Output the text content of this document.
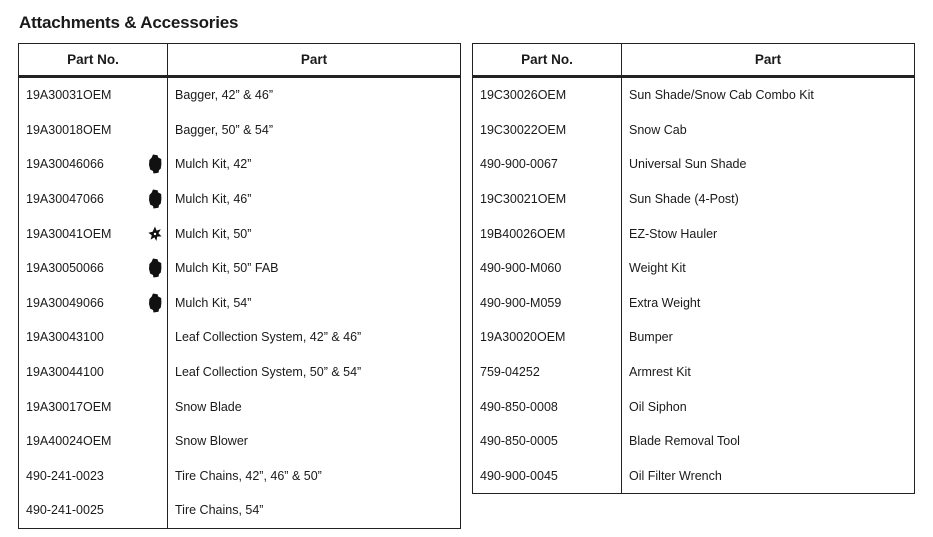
Attachments & Accessories
Part No.	Part
19A30031OEM	Bagger, 42” & 46”
19A30018OEM	Bagger, 50” & 54”
19A30046066	Mulch Kit, 42”
19A30047066	Mulch Kit, 46”
19A30041OEM	Mulch Kit, 50”
19A30050066	Mulch Kit, 50” FAB
19A30049066	Mulch Kit, 54”
19A30043100	Leaf Collection System, 42” & 46”
19A30044100	Leaf Collection System, 50” & 54”
19A30017OEM	Snow Blade
19A40024OEM	Snow Blower
490-241-0023	Tire Chains, 42”, 46” & 50”
490-241-0025	Tire Chains, 54”
Part No.	Part
19C30026OEM	Sun Shade/Snow Cab Combo Kit
19C30022OEM	Snow Cab
490-900-0067	Universal Sun Shade
19C30021OEM	Sun Shade (4-Post)
19B40026OEM	EZ-Stow Hauler
490-900-M060	Weight Kit
490-900-M059	Extra Weight
19A30020OEM	Bumper
759-04252	Armrest Kit
490-850-0008	Oil Siphon
490-850-0005	Blade Removal Tool
490-900-0045	Oil Filter Wrench
